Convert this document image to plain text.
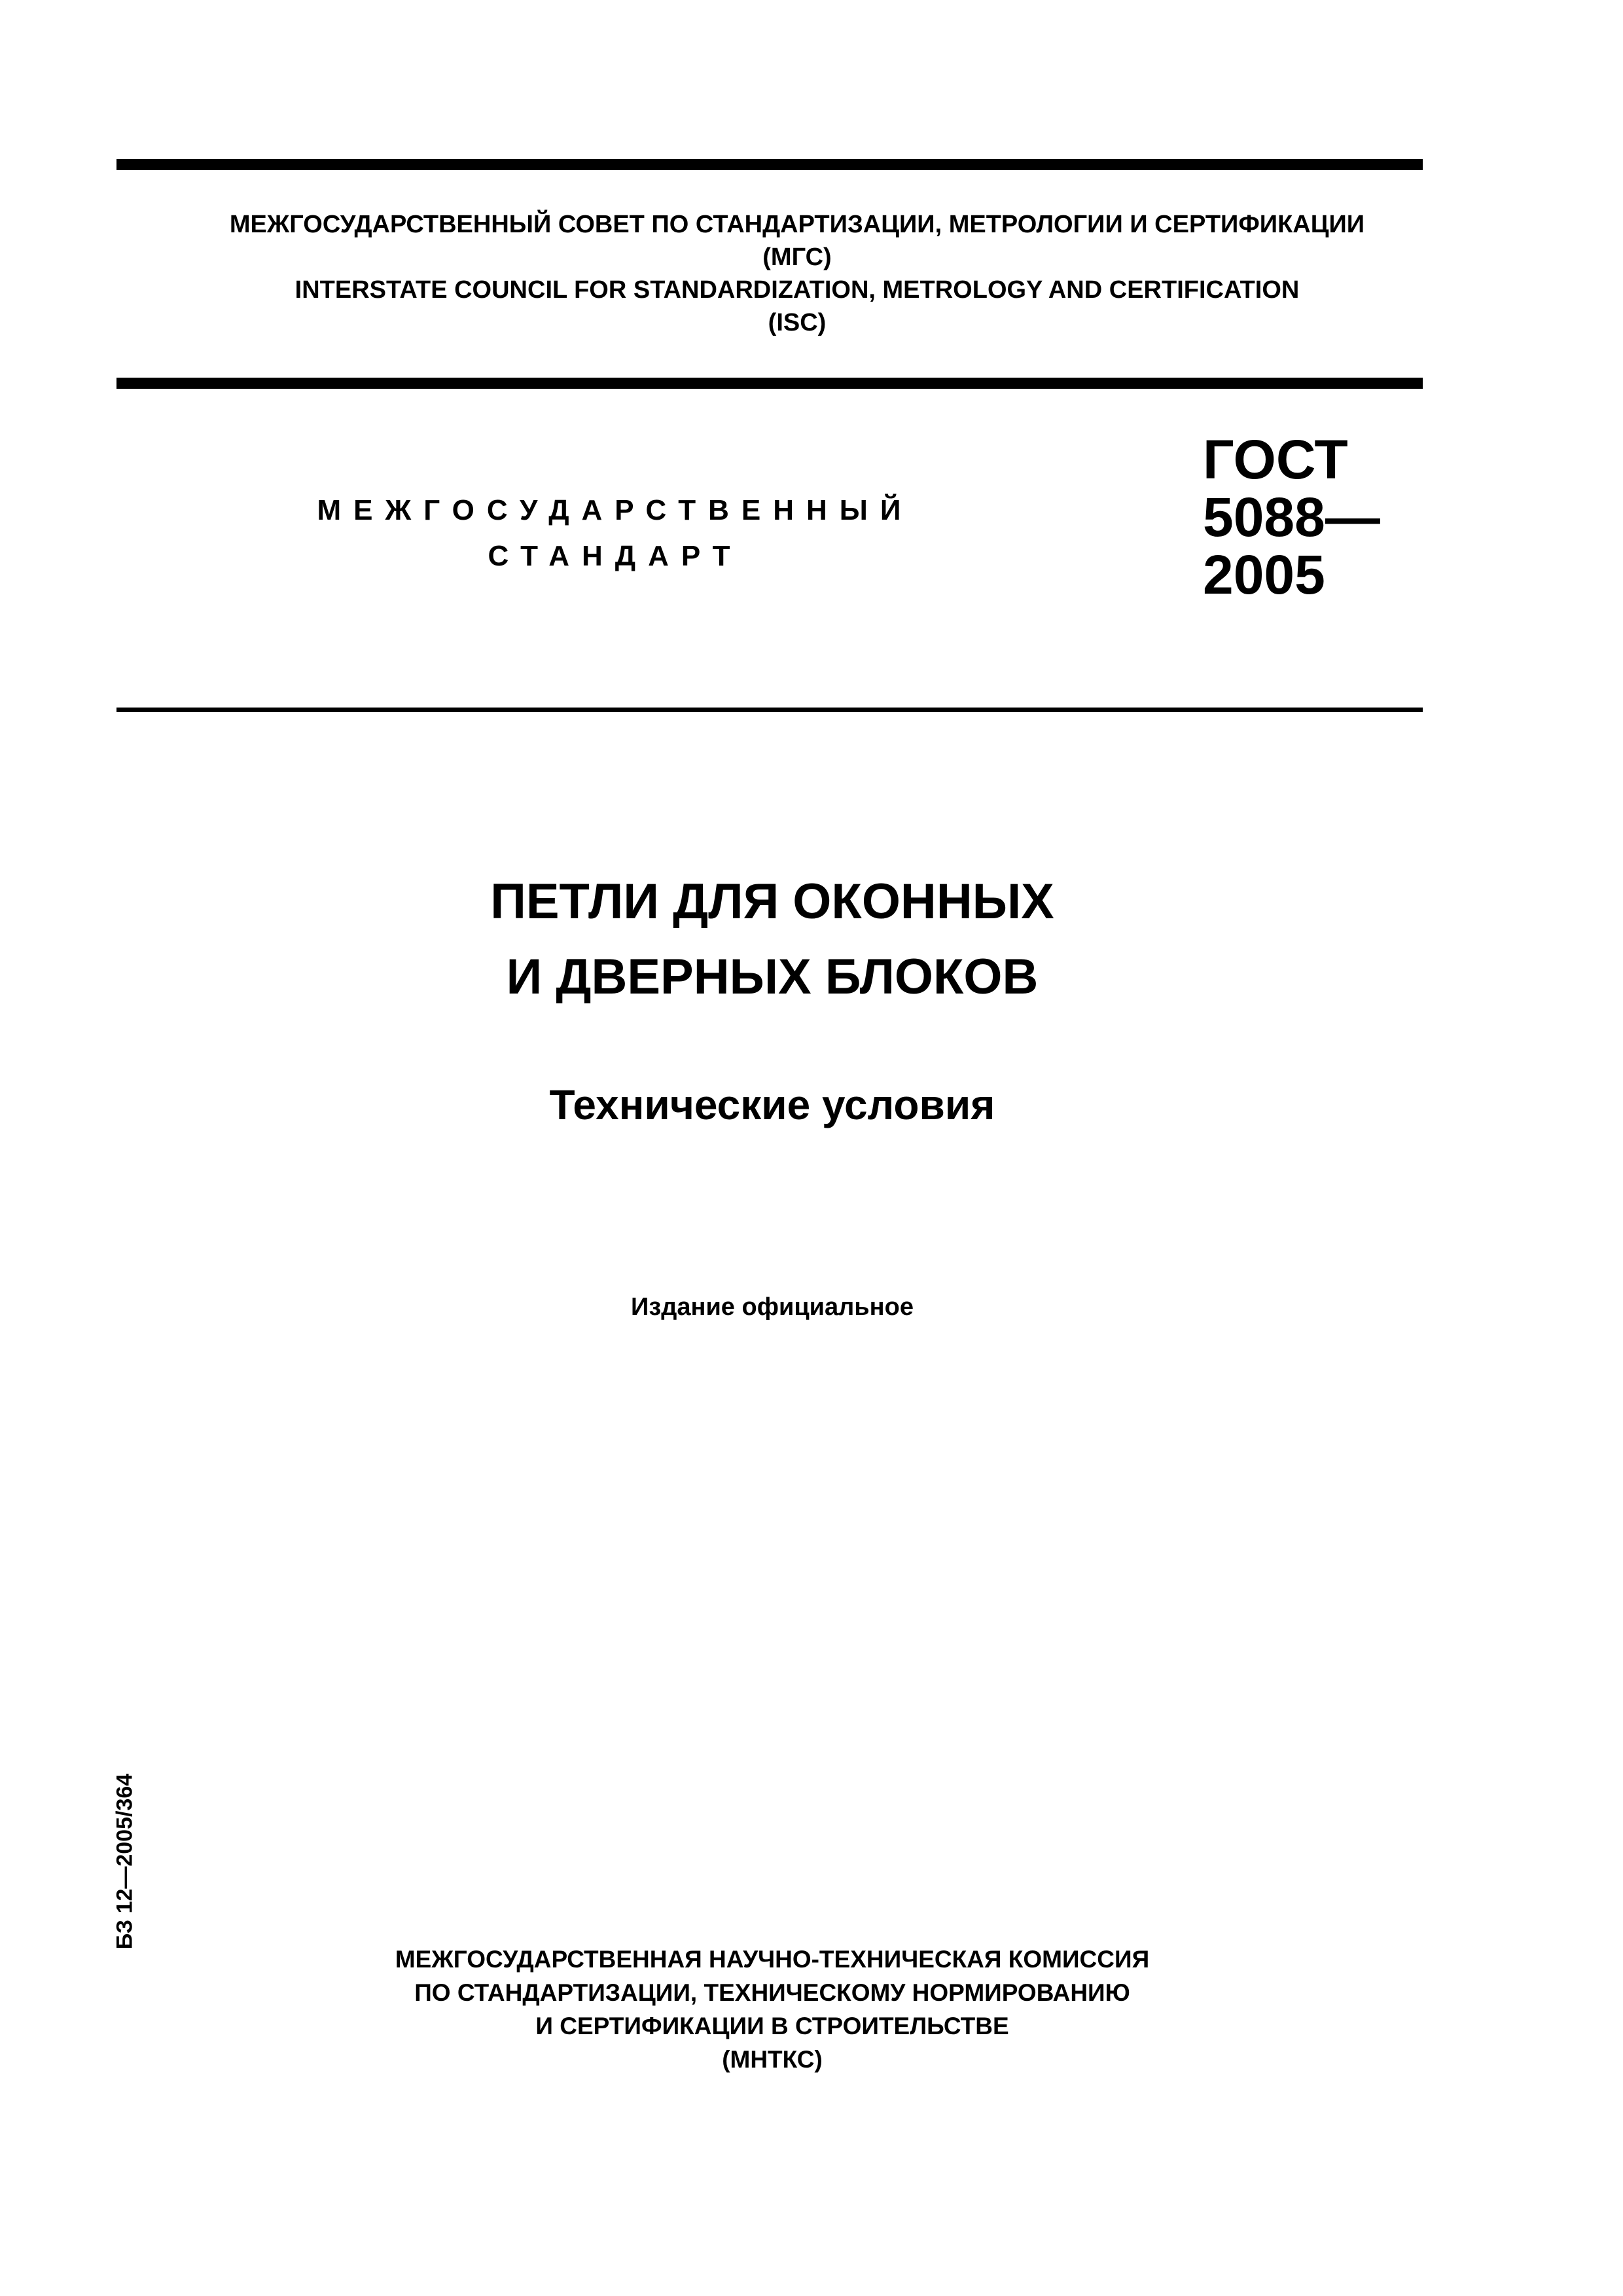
МЕЖГОСУДАРСТВЕННЫЙ СОВЕТ ПО СТАНДАРТИЗАЦИИ, МЕТРОЛОГИИ И СЕРТИФИКАЦИИ
(МГС)
INTERSTATE COUNCIL FOR STANDARDIZATION, METROLOGY AND CERTIFICATION
(ISC)
МЕЖГОСУДАРСТВЕННЫЙ
СТАНДАРТ
ГОСТ
5088—
2005
ПЕТЛИ ДЛЯ ОКОННЫХ
И ДВЕРНЫХ БЛОКОВ
Технические условия
Издание официальное
БЗ 12—2005/364
МЕЖГОСУДАРСТВЕННАЯ НАУЧНО-ТЕХНИЧЕСКАЯ КОМИССИЯ
ПО СТАНДАРТИЗАЦИИ, ТЕХНИЧЕСКОМУ НОРМИРОВАНИЮ
И СЕРТИФИКАЦИИ В СТРОИТЕЛЬСТВЕ
(МНТКС)
